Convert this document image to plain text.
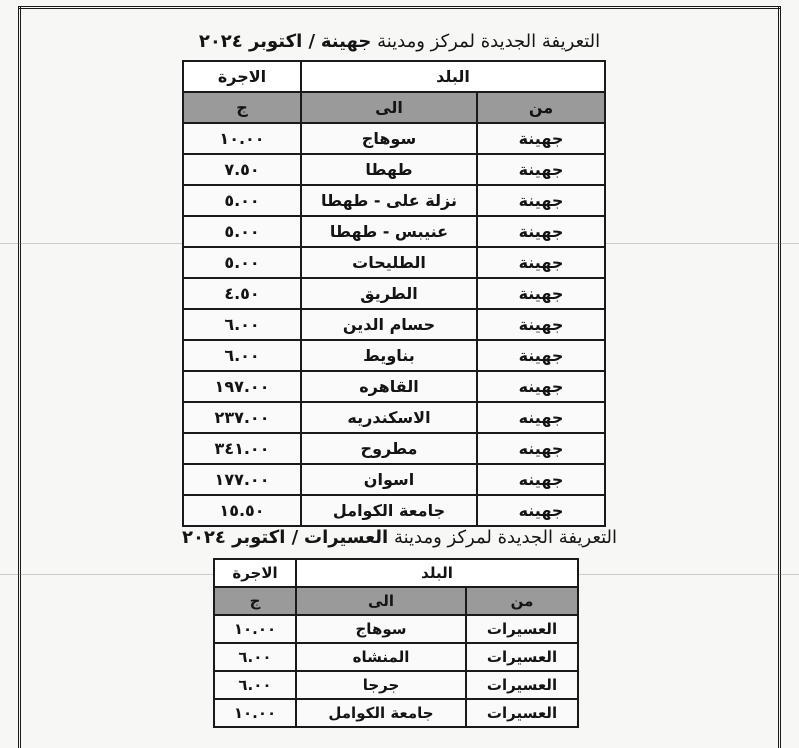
التعريفة الجديدة لمركز ومدينة جهينة / اكتوبر ٢٠٢٤
البلد		الاجرة
من	الى	ج
جهينة	سوهاج	١٠.٠٠
جهينة	طهطا	٧.٥٠
جهينة	نزلة على - طهطا	٥.٠٠
جهينة	عنيبس - طهطا	٥.٠٠
جهينة	الطليحات	٥.٠٠
جهينة	الطريق	٤.٥٠
جهينة	حسام الدين	٦.٠٠
جهينة	بناويط	٦.٠٠
جهينه	القاهره	١٩٧.٠٠
جهينه	الاسكندريه	٢٣٧.٠٠
جهينه	مطروح	٣٤١.٠٠
جهينه	اسوان	١٧٧.٠٠
جهينه	جامعة الكوامل	١٥.٥٠
التعريفة الجديدة لمركز ومدينة العسيرات / اكتوبر ٢٠٢٤
البلد		الاجرة
من	الى	ج
العسيرات	سوهاج	١٠.٠٠
العسيرات	المنشاه	٦.٠٠
العسيرات	جرجا	٦.٠٠
العسيرات	جامعة الكوامل	١٠.٠٠
